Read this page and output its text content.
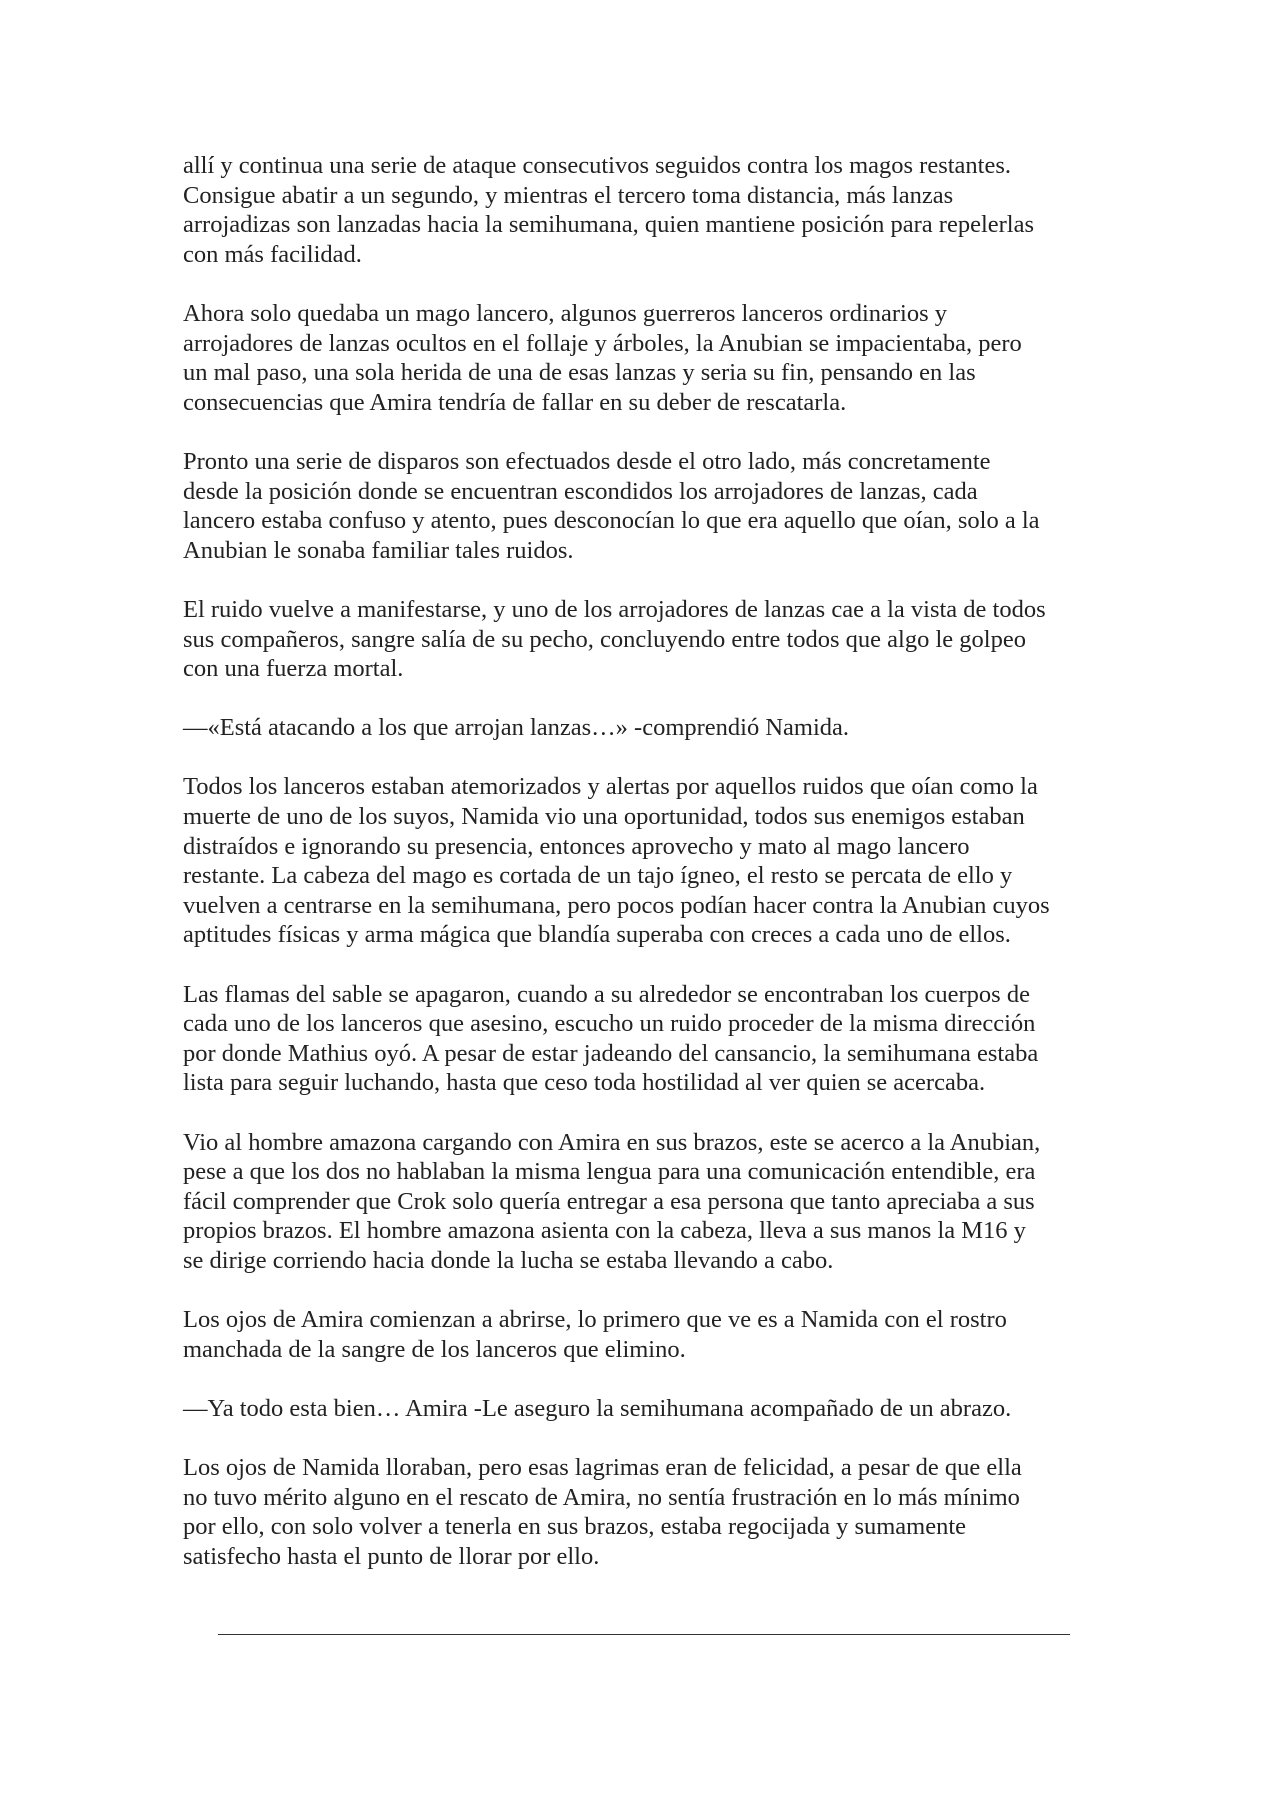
allí y continua una serie de ataque consecutivos seguidos contra los magos restantes.
Consigue abatir a un segundo, y mientras el tercero toma distancia, más lanzas
arrojadizas son lanzadas hacia la semihumana, quien mantiene posición para repelerlas
con más facilidad.

Ahora solo quedaba un mago lancero, algunos guerreros lanceros ordinarios y
arrojadores de lanzas ocultos en el follaje y árboles, la Anubian se impacientaba, pero
un mal paso, una sola herida de una de esas lanzas y seria su fin, pensando en las
consecuencias que Amira tendría de fallar en su deber de rescatarla.

Pronto una serie de disparos son efectuados desde el otro lado, más concretamente
desde la posición donde se encuentran escondidos los arrojadores de lanzas, cada
lancero estaba confuso y atento, pues desconocían lo que era aquello que oían, solo a la
Anubian le sonaba familiar tales ruidos.

El ruido vuelve a manifestarse, y uno de los arrojadores de lanzas cae a la vista de todos
sus compañeros, sangre salía de su pecho, concluyendo entre todos que algo le golpeo
con una fuerza mortal.

—«Está atacando a los que arrojan lanzas…» -comprendió Namida.

Todos los lanceros estaban atemorizados y alertas por aquellos ruidos que oían como la
muerte de uno de los suyos, Namida vio una oportunidad, todos sus enemigos estaban
distraídos e ignorando su presencia, entonces aprovecho y mato al mago lancero
restante. La cabeza del mago es cortada de un tajo ígneo, el resto se percata de ello y
vuelven a centrarse en la semihumana, pero pocos podían hacer contra la Anubian cuyos
aptitudes físicas y arma mágica que blandía superaba con creces a cada uno de ellos.

Las flamas del sable se apagaron, cuando a su alrededor se encontraban los cuerpos de
cada uno de los lanceros que asesino, escucho un ruido proceder de la misma dirección
por donde Mathius oyó. A pesar de estar jadeando del cansancio, la semihumana estaba
lista para seguir luchando, hasta que ceso toda hostilidad al ver quien se acercaba.

Vio al hombre amazona cargando con Amira en sus brazos, este se acerco a la Anubian,
pese a que los dos no hablaban la misma lengua para una comunicación entendible, era
fácil comprender que Crok solo quería entregar a esa persona que tanto apreciaba a sus
propios brazos. El hombre amazona asienta con la cabeza, lleva a sus manos la M16 y
se dirige corriendo hacia donde la lucha se estaba llevando a cabo.

Los ojos de Amira comienzan a abrirse, lo primero que ve es a Namida con el rostro
manchada de la sangre de los lanceros que elimino.

—Ya todo esta bien… Amira -Le aseguro la semihumana acompañado de un abrazo.

Los ojos de Namida lloraban, pero esas lagrimas eran de felicidad, a pesar de que ella
no tuvo mérito alguno en el rescato de Amira, no sentía frustración en lo más mínimo
por ello, con solo volver a tenerla en sus brazos, estaba regocijada y sumamente
satisfecho hasta el punto de llorar por ello.
